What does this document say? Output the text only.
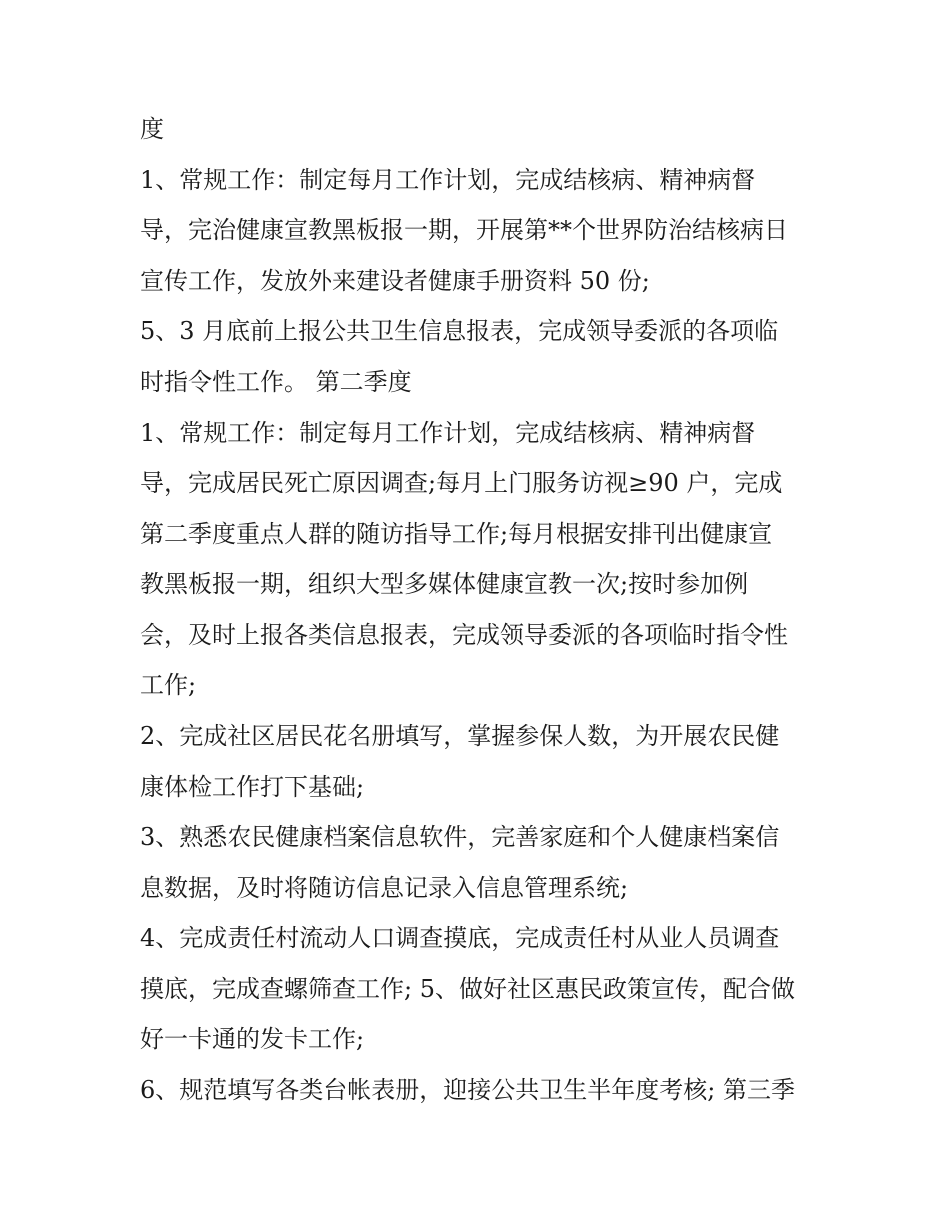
度
1、常规工作：制定每月工作计划，完成结核病、精神病督
导，完治健康宣教黑板报一期，开展第**个世界防治结核病日
宣传工作，发放外来建设者健康手册资料 50 份;
5、3 月底前上报公共卫生信息报表，完成领导委派的各项临
时指令性工作。 第二季度
1、常规工作：制定每月工作计划，完成结核病、精神病督
导，完成居民死亡原因调查;每月上门服务访视≥90 户，完成
第二季度重点人群的随访指导工作;每月根据安排刊出健康宣
教黑板报一期，组织大型多媒体健康宣教一次;按时参加例
会，及时上报各类信息报表，完成领导委派的各项临时指令性
工作;
2、完成社区居民花名册填写，掌握参保人数，为开展农民健
康体检工作打下基础;
3、熟悉农民健康档案信息软件，完善家庭和个人健康档案信
息数据，及时将随访信息记录入信息管理系统;
4、完成责任村流动人口调查摸底，完成责任村从业人员调查
摸底，完成查螺筛查工作; 5、做好社区惠民政策宣传，配合做
好一卡通的发卡工作;
6、规范填写各类台帐表册，迎接公共卫生半年度考核; 第三季
